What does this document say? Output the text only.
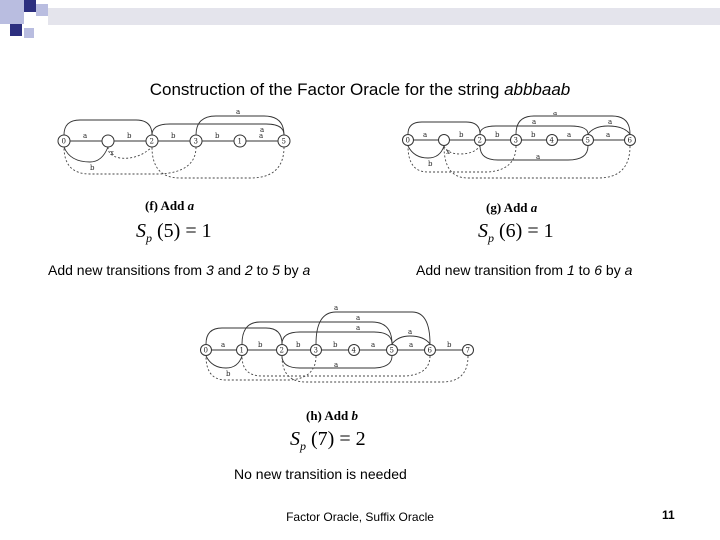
Construction of the Factor Oracle for the string abbbaab
0	2	3	1	5
a	b	b	b	a
a
a
b
x
0	2	3	4	5	6
a	b	b	b	a	a
a
a	a
b
x
a
0	1	2	3	4	5	6	7
a	b	b	b	a	a	b
a
a
a	a
b
a
(f) Add a	(g) Add a
(h) Add b
$S_p$ (5) = 1	$S_p$ (6) = 1
$S_p$ (7) = 2
Add new transitions from 3 and 2 to 5 by a	Add new transition from 1 to 6 by a
No new transition is needed
Factor Oracle, Suffix Oracle	11
